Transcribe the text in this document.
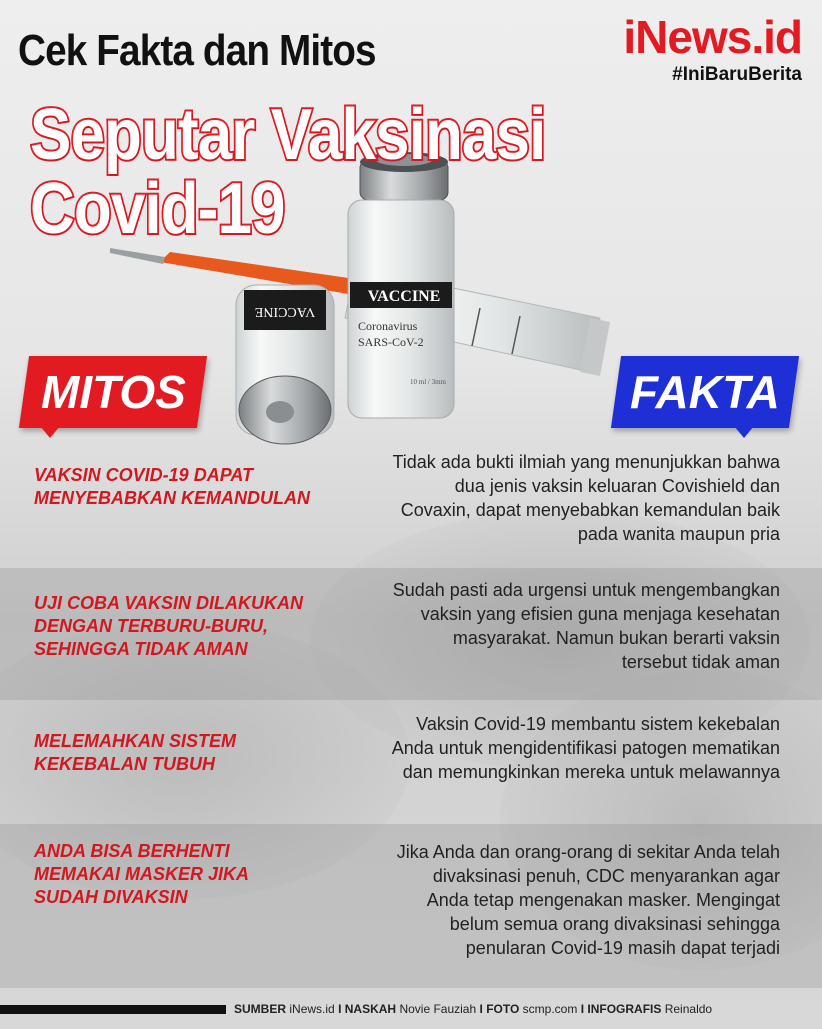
VACCINE
VACCINE
Coronavirus
SARS-CoV-2
10 ml / 3mm
Cek Fakta dan Mitos
Seputar Vaksinasi
Covid-19
iNews.id
#IniBaruBerita
MITOS	FAKTA
VAKSIN COVID-19 DAPAT MENYEBABKAN KEMANDULAN
Tidak ada bukti ilmiah yang menunjukkan bahwa dua jenis vaksin keluaran Covishield dan Covaxin, dapat menyebabkan kemandulan baik pada wanita maupun pria
UJI COBA VAKSIN DILAKUKAN DENGAN TERBURU-BURU, SEHINGGA TIDAK AMAN
Sudah pasti ada urgensi untuk mengembangkan vaksin yang efisien guna menjaga kesehatan masyarakat. Namun bukan berarti vaksin tersebut tidak aman
MELEMAHKAN SISTEM KEKEBALAN TUBUH
Vaksin Covid-19 membantu sistem kekebalan Anda untuk mengidentifikasi patogen mematikan dan memungkinkan mereka untuk melawannya
ANDA BISA BERHENTI MEMAKAI MASKER JIKA SUDAH DIVAKSIN
Jika Anda dan orang-orang di sekitar Anda telah divaksinasi penuh, CDC menyarankan agar Anda tetap mengenakan masker. Mengingat belum semua orang divaksinasi sehingga penularan Covid-19 masih dapat terjadi
SUMBER iNews.id I NASKAH Novie Fauziah I FOTO scmp.com I INFOGRAFIS Reinaldo
